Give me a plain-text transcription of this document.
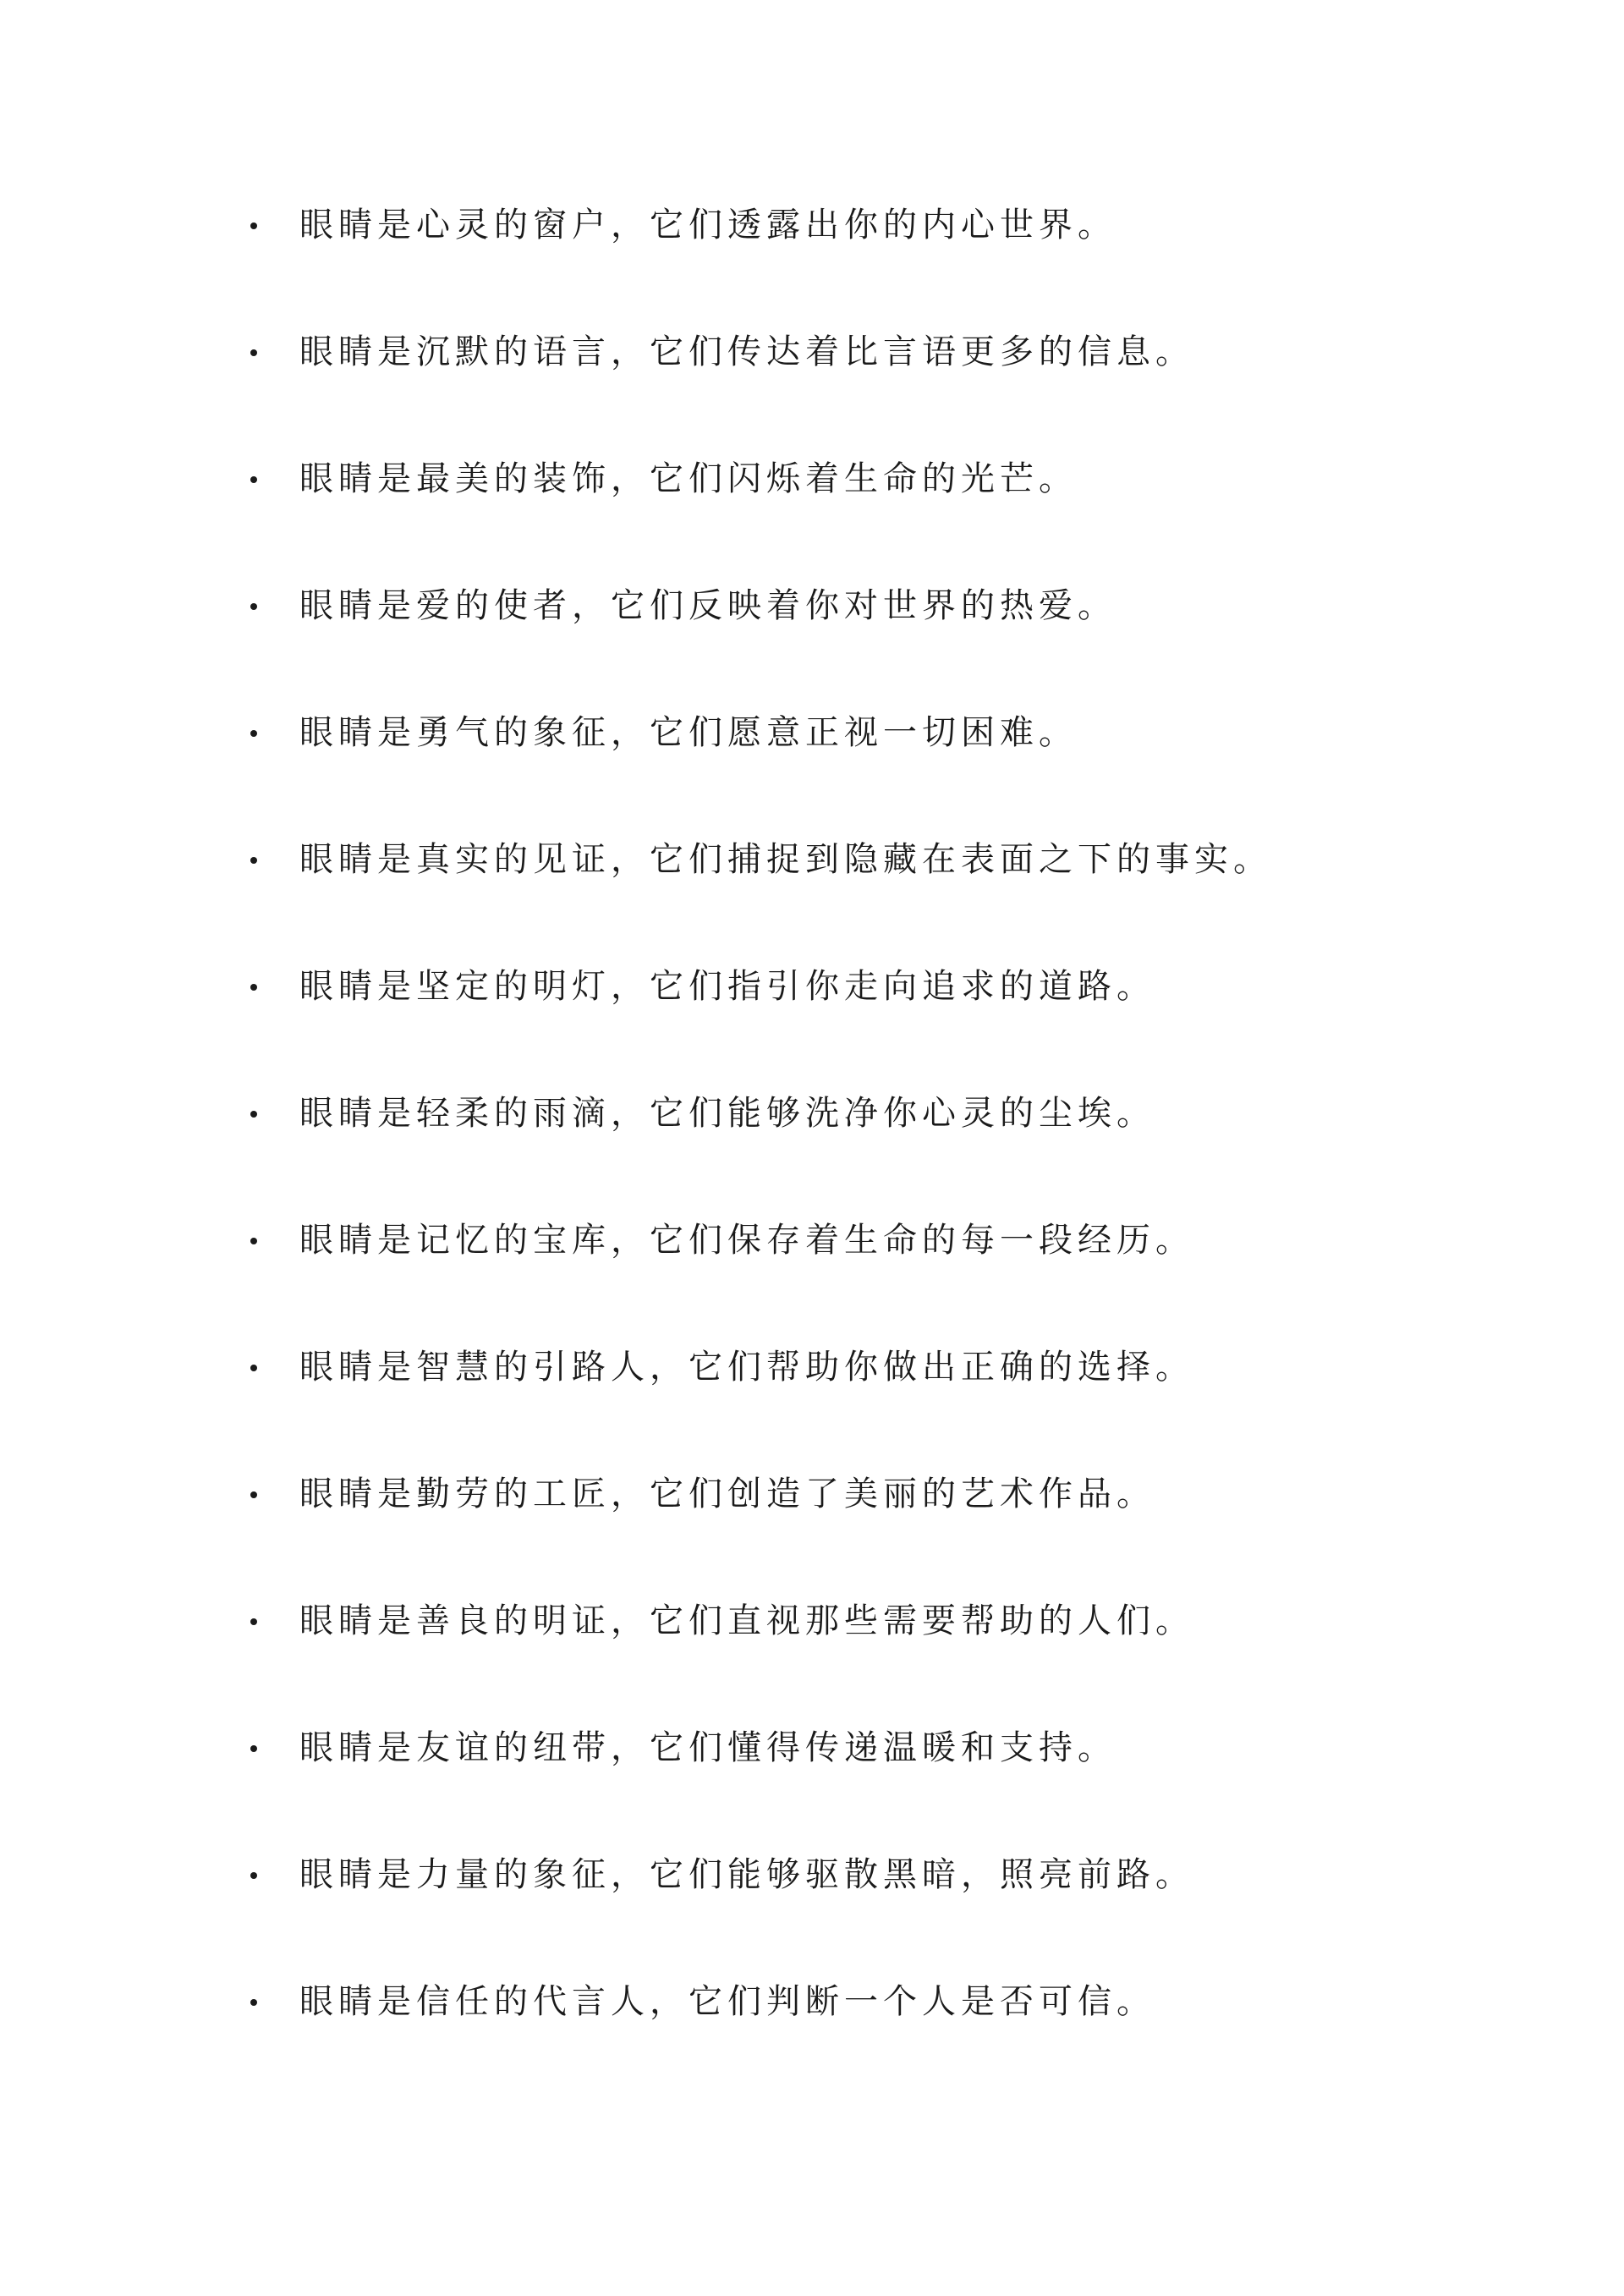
眼睛是心灵的窗户，它们透露出你的内心世界。
眼睛是沉默的语言，它们传达着比言语更多的信息。
眼睛是最美的装饰，它们闪烁着生命的光芒。
眼睛是爱的使者，它们反映着你对世界的热爱。
眼睛是勇气的象征，它们愿意正视一切困难。
眼睛是真实的见证，它们捕捉到隐藏在表面之下的事实。
眼睛是坚定的明灯，它们指引你走向追求的道路。
眼睛是轻柔的雨滴，它们能够洗净你心灵的尘埃。
眼睛是记忆的宝库，它们保存着生命的每一段经历。
眼睛是智慧的引路人，它们帮助你做出正确的选择。
眼睛是勤劳的工匠，它们创造了美丽的艺术作品。
眼睛是善良的明证，它们直视那些需要帮助的人们。
眼睛是友谊的纽带，它们懂得传递温暖和支持。
眼睛是力量的象征，它们能够驱散黑暗，照亮前路。
眼睛是信任的代言人，它们判断一个人是否可信。
